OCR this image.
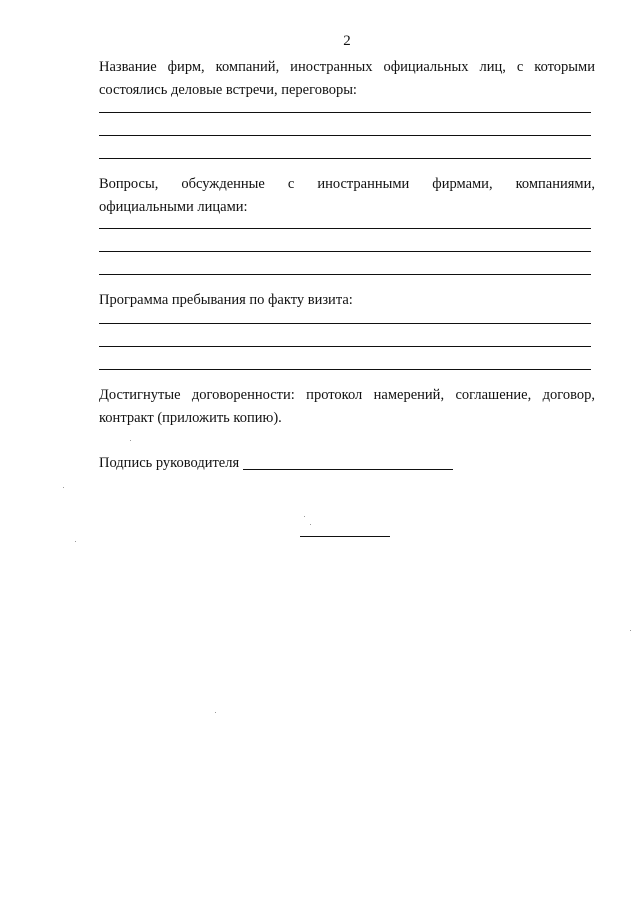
2
Название фирм, компаний, иностранных официальных лиц, с которыми
состоялись деловые встречи, переговоры:
Вопросы, обсужденные с иностранными фирмами, компаниями,
официальными лицами:
Программа пребывания по факту визита:
Достигнутые договоренности: протокол намерений, соглашение, договор,
контракт (приложить копию).
Подпись руководителя
